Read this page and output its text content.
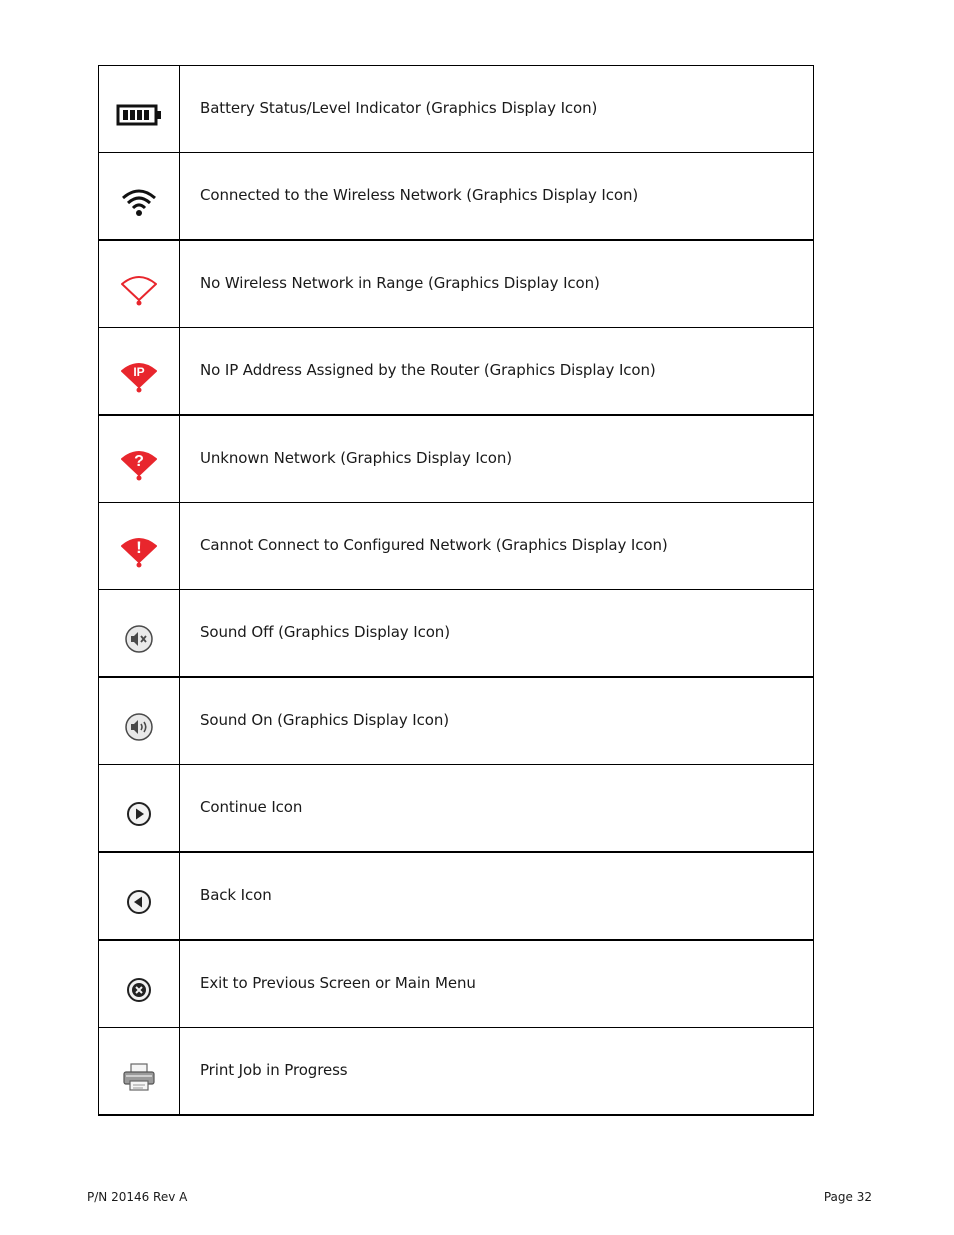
	Battery Status/Level Indicator (Graphics Display Icon)

	Connected to the Wireless Network (Graphics Display Icon)

	No Wireless Network in Range (Graphics Display Icon)

IP	No IP Address Assigned by the Router (Graphics Display Icon)

?	Unknown Network (Graphics Display Icon)

!	Cannot Connect to Configured Network (Graphics Display Icon)

	Sound Off (Graphics Display Icon)

	Sound On (Graphics Display Icon)

	Continue Icon

	Back Icon

	Exit to Previous Screen or Main Menu

	Print Job in Progress
P/N 20146 Rev A	Page 32
